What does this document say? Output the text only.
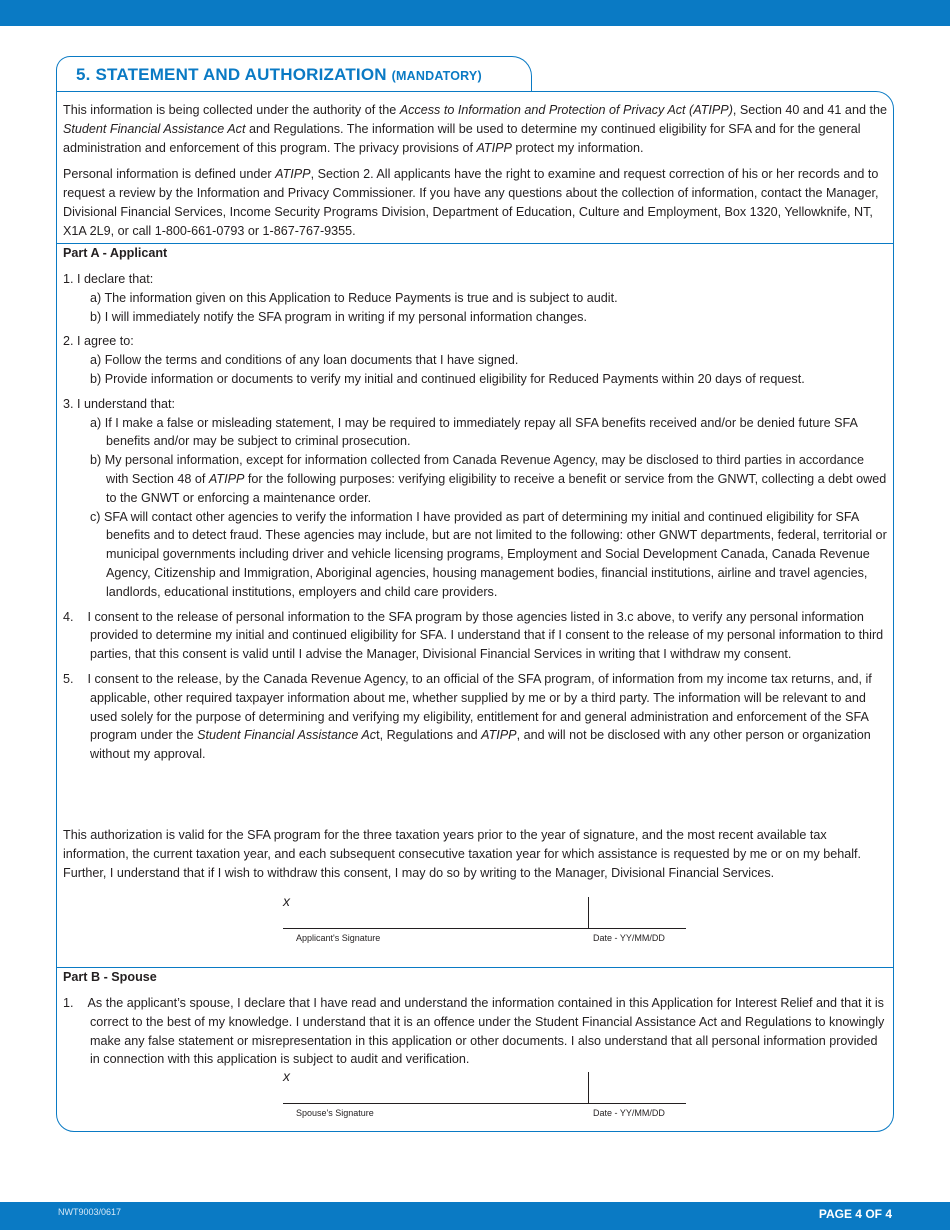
5. STATEMENT AND AUTHORIZATION (MANDATORY)

This information is being collected under the authority of the Access to Information and Protection of Privacy Act (ATIPP), Section 40 and 41 and the Student Financial Assistance Act and Regulations. The information will be used to determine my continued eligibility for SFA and for the general administration and enforcement of this program. The privacy provisions of ATIPP protect my information.

Personal information is defined under ATIPP, Section 2. All applicants have the right to examine and request correction of his or her records and to request a review by the Information and Privacy Commissioner. If you have any questions about the collection of information, contact the Manager, Divisional Financial Services, Income Security Programs Division, Department of Education, Culture and Employment, Box 1320, Yellowknife, NT, X1A 2L9, or call 1-800-661-0793 or 1-867-767-9355.

Part A - Applicant
1. I declare that:
a) The information given on this Application to Reduce Payments is true and is subject to audit.
b) I will immediately notify the SFA program in writing if my personal information changes.
2. I agree to:
a) Follow the terms and conditions of any loan documents that I have signed.
b) Provide information or documents to verify my initial and continued eligibility for Reduced Payments within 20 days of request.
3. I understand that:
a) If I make a false or misleading statement, I may be required to immediately repay all SFA benefits received and/or be denied future SFA benefits and/or may be subject to criminal prosecution.
b) My personal information, except for information collected from Canada Revenue Agency, may be disclosed to third parties in accordance with Section 48 of ATIPP for the following purposes: verifying eligibility to receive a benefit or service from the GNWT, collecting a debt owed to the GNWT or enforcing a maintenance order.
c) SFA will contact other agencies to verify the information I have provided as part of determining my initial and continued eligibility for SFA benefits and to detect fraud. These agencies may include, but are not limited to the following: other GNWT departments, federal, territorial or municipal governments including driver and vehicle licensing programs, Employment and Social Development Canada, Canada Revenue Agency, Citizenship and Immigration, Aboriginal agencies, housing management bodies, financial institutions, airline and travel agencies, landlords, educational institutions, employers and child care providers.
4.    I consent to the release of personal information to the SFA program by those agencies listed in 3.c above, to verify any personal information provided to determine my initial and continued eligibility for SFA. I understand that if I consent to the release of my personal information to third parties, that this consent is valid until I advise the Manager, Divisional Financial Services in writing that I withdraw my consent.
5.    I consent to the release, by the Canada Revenue Agency, to an official of the SFA program, of information from my income tax returns, and, if applicable, other required taxpayer information about me, whether supplied by me or by a third party. The information will be relevant to and used solely for the purpose of determining and verifying my eligibility, entitlement for and general administration and enforcement of the SFA program under the Student Financial Assistance Act, Regulations and ATIPP, and will not be disclosed with any other person or organization without my approval.
This authorization is valid for the SFA program for the three taxation years prior to the year of signature, and the most recent available tax information, the current taxation year, and each subsequent consecutive taxation year for which assistance is requested by me or on my behalf. Further, I understand that if I wish to withdraw this consent, I may do so by writing to the Manager, Divisional Financial Services.
x
Applicant's Signature	Date - YY/MM/DD
Part B - Spouse
1.    As the applicant’s spouse, I declare that I have read and understand the information contained in this Application for Interest Relief and that it is correct to the best of my knowledge. I understand that it is an offence under the Student Financial Assistance Act and Regulations to knowingly make any false statement or misrepresentation in this application or other documents. I also understand that all personal information provided in connection with this application is subject to audit and verification.
x
Spouse's Signature	Date - YY/MM/DD
NWT9003/0617	PAGE 4 OF 4
